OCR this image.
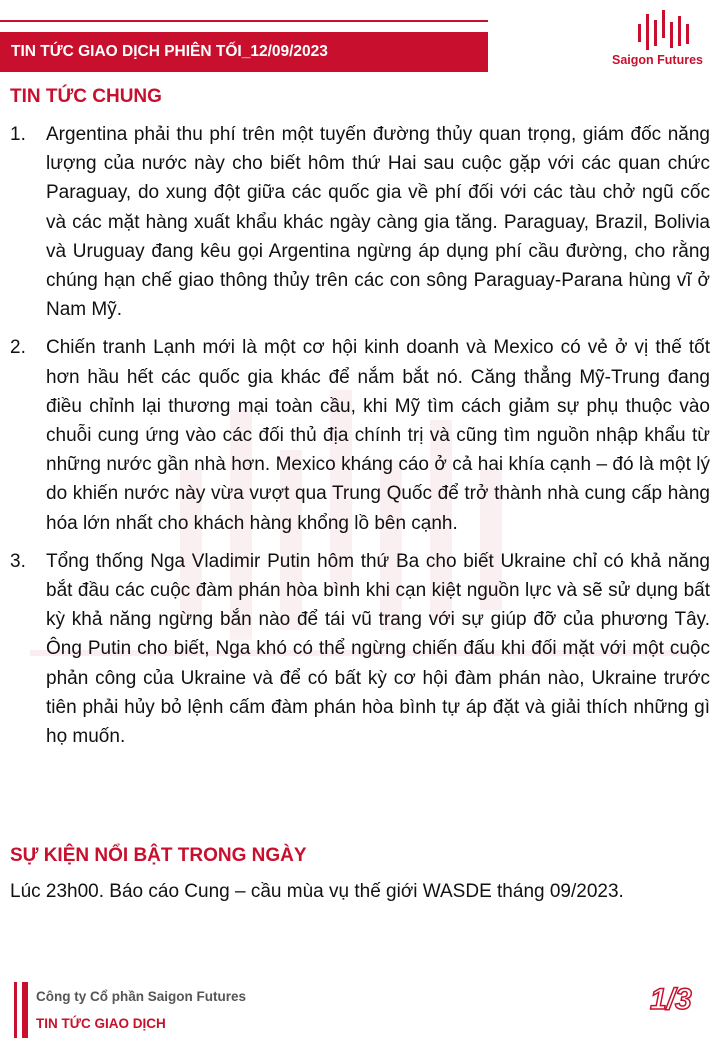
TIN TỨC GIAO DỊCH PHIÊN TỐI_12/09/2023	Saigon Futures
TIN TỨC CHUNG
1.	Argentina phải thu phí trên một tuyến đường thủy quan trọng, giám đốc năng lượng của nước này cho biết hôm thứ Hai sau cuộc gặp với các quan chức Paraguay, do xung đột giữa các quốc gia về phí đối với các tàu chở ngũ cốc và các mặt hàng xuất khẩu khác ngày càng gia tăng. Paraguay, Brazil, Bolivia và Uruguay đang kêu gọi Argentina ngừng áp dụng phí cầu đường, cho rằng chúng hạn chế giao thông thủy trên các con sông Paraguay-Parana hùng vĩ ở Nam Mỹ.
2.	Chiến tranh Lạnh mới là một cơ hội kinh doanh và Mexico có vẻ ở vị thế tốt hơn hầu hết các quốc gia khác để nắm bắt nó. Căng thẳng Mỹ-Trung đang điều chỉnh lại thương mại toàn cầu, khi Mỹ tìm cách giảm sự phụ thuộc vào chuỗi cung ứng vào các đối thủ địa chính trị và cũng tìm nguồn nhập khẩu từ những nước gần nhà hơn. Mexico kháng cáo ở cả hai khía cạnh – đó là một lý do khiến nước này vừa vượt qua Trung Quốc để trở thành nhà cung cấp hàng hóa lớn nhất cho khách hàng khổng lồ bên cạnh.
3.	Tổng thống Nga Vladimir Putin hôm thứ Ba cho biết Ukraine chỉ có khả năng bắt đầu các cuộc đàm phán hòa bình khi cạn kiệt nguồn lực và sẽ sử dụng bất kỳ khả năng ngừng bắn nào để tái vũ trang với sự giúp đỡ của phương Tây. Ông Putin cho biết, Nga khó có thể ngừng chiến đấu khi đối mặt với một cuộc phản công của Ukraine và để có bất kỳ cơ hội đàm phán nào, Ukraine trước tiên phải hủy bỏ lệnh cấm đàm phán hòa bình tự áp đặt và giải thích những gì họ muốn.
SỰ KIỆN NỔI BẬT TRONG NGÀY
Lúc 23h00. Báo cáo Cung – cầu mùa vụ thế giới WASDE tháng 09/2023.
Công ty Cổ phần Saigon Futures
TIN TỨC GIAO DỊCH
1/3
